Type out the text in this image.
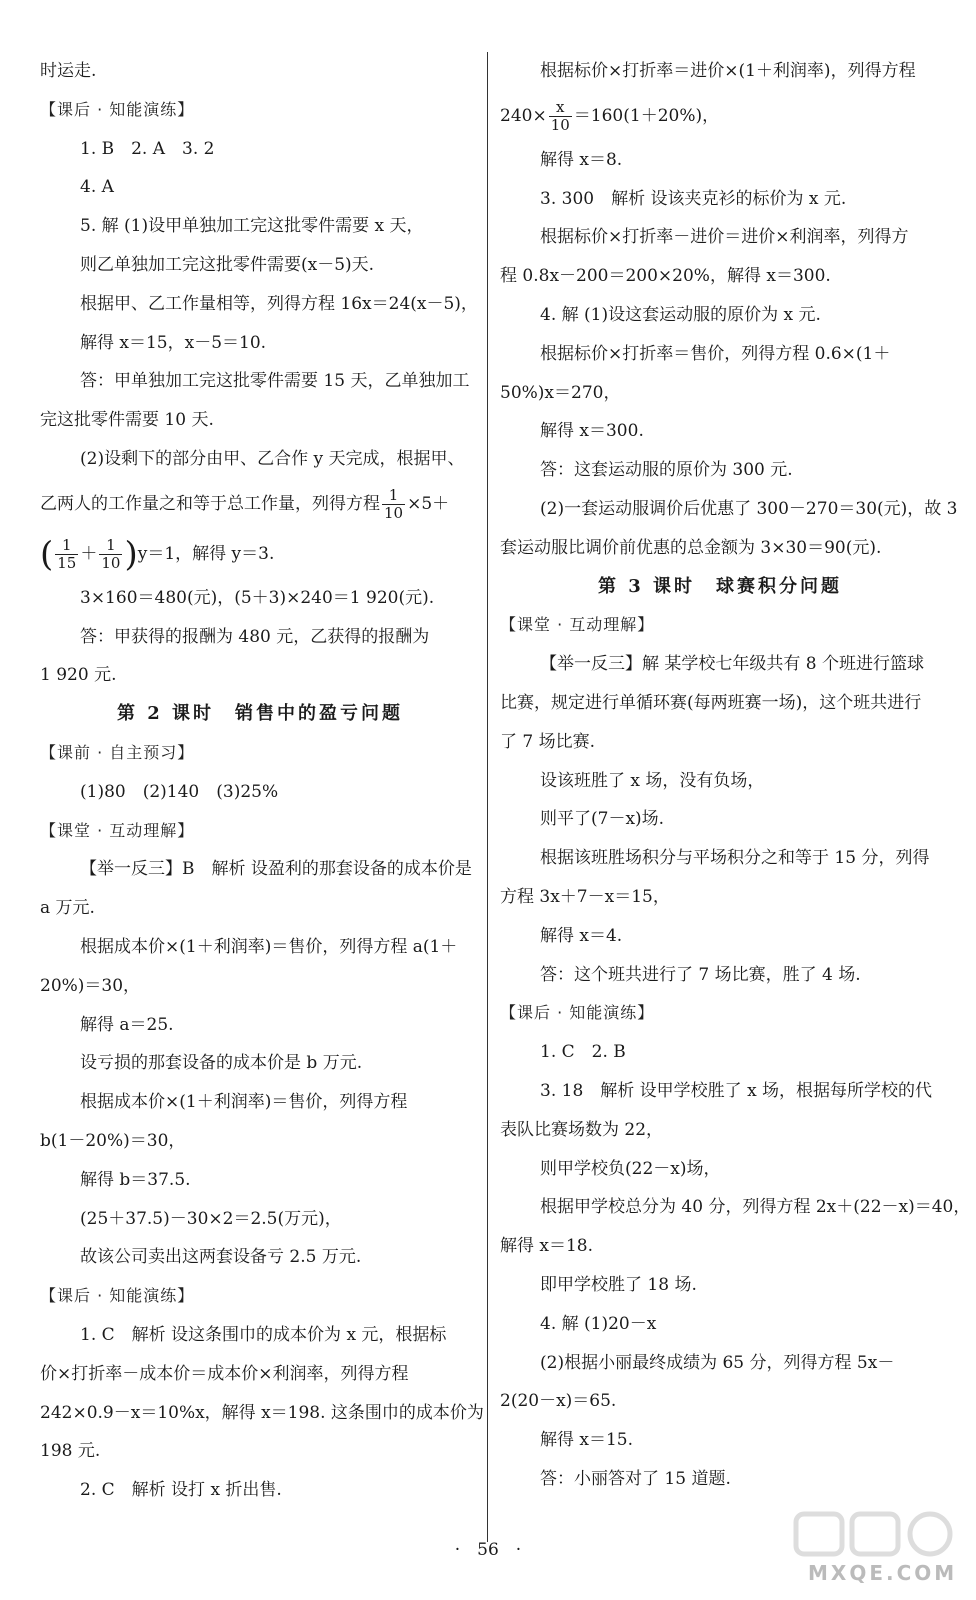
时运走.

【课后 · 知能演练】

1. B　2. A　3. 2

4. A

5. 解 (1)设甲单独加工完这批零件需要 x 天，

则乙单独加工完这批零件需要(x－5)天.

根据甲、乙工作量相等，列得方程 16x＝24(x－5)，

解得 x＝15，x－5＝10.

答：甲单独加工完这批零件需要 15 天，乙单独加工

完这批零件需要 10 天.

(2)设剩下的部分由甲、乙合作 y 天完成，根据甲、

乙两人的工作量之和等于总工作量，列得方程 $\frac{1}{10} \times 5+$

( $\frac{1}{15} + \frac{1}{10} )y=1$，解得 y＝3.

3×160＝480(元)，(5＋3)×240＝1 920(元).

答：甲获得的报酬为 480 元，乙获得的报酬为

1 920 元.

第 2 课时　销售中的盈亏问题

【课前 · 自主预习】

(1)80　(2)140　(3)25%

【课堂 · 互动理解】

【举一反三】B　解析 设盈利的那套设备的成本价是

a 万元.

根据成本价×(1＋利润率)＝售价，列得方程 a(1＋

20%)＝30，

解得 a＝25.

设亏损的那套设备的成本价是 b 万元.

根据成本价×(1＋利润率)＝售价，列得方程

b(1－20%)＝30，

解得 b＝37.5.

(25＋37.5)－30×2＝2.5(万元)，

故该公司卖出这两套设备亏 2.5 万元.

【课后 · 知能演练】

1. C　解析 设这条围巾的成本价为 x 元，根据标

价×打折率－成本价＝成本价×利润率，列得方程

242×0.9－x＝10%x，解得 x＝198. 这条围巾的成本价为

198 元.

2. C　解析 设打 x 折出售.

根据标价×打折率＝进价×(1＋利润率)，列得方程

$240\times \frac{x}{10} =160(1+20\%)$，

解得 x＝8.

3. 300　解析 设该夹克衫的标价为 x 元.

根据标价×打折率－进价＝进价×利润率，列得方

程 0.8x－200＝200×20%，解得 x＝300.

4. 解 (1)设这套运动服的原价为 x 元.

根据标价×打折率＝售价，列得方程 0.6×(1＋

50%)x＝270，

解得 x＝300.

答：这套运动服的原价为 300 元.

(2)一套运动服调价后优惠了 300－270＝30(元)，故 3

套运动服比调价前优惠的总金额为 3×30＝90(元).

第 3 课时　球赛积分问题

【课堂 · 互动理解】

【举一反三】解 某学校七年级共有 8 个班进行篮球

比赛，规定进行单循环赛(每两班赛一场)，这个班共进行

了 7 场比赛.

设该班胜了 x 场，没有负场，

则平了(7－x)场.

根据该班胜场积分与平场积分之和等于 15 分，列得

方程 3x＋7－x＝15，

解得 x＝4.

答：这个班共进行了 7 场比赛，胜了 4 场.

【课后 · 知能演练】

1. C　2. B

3. 18　解析 设甲学校胜了 x 场，根据每所学校的代

表队比赛场数为 22，

则甲学校负(22－x)场，

根据甲学校总分为 40 分，列得方程 2x＋(22－x)＝40，

解得 x＝18.

即甲学校胜了 18 场.

4. 解 (1)20－x

(2)根据小丽最终成绩为 65 分，列得方程 5x－

2(20－x)＝65.

解得 x＝15.

答：小丽答对了 15 道题.

·　56　·
MXQE.COM
